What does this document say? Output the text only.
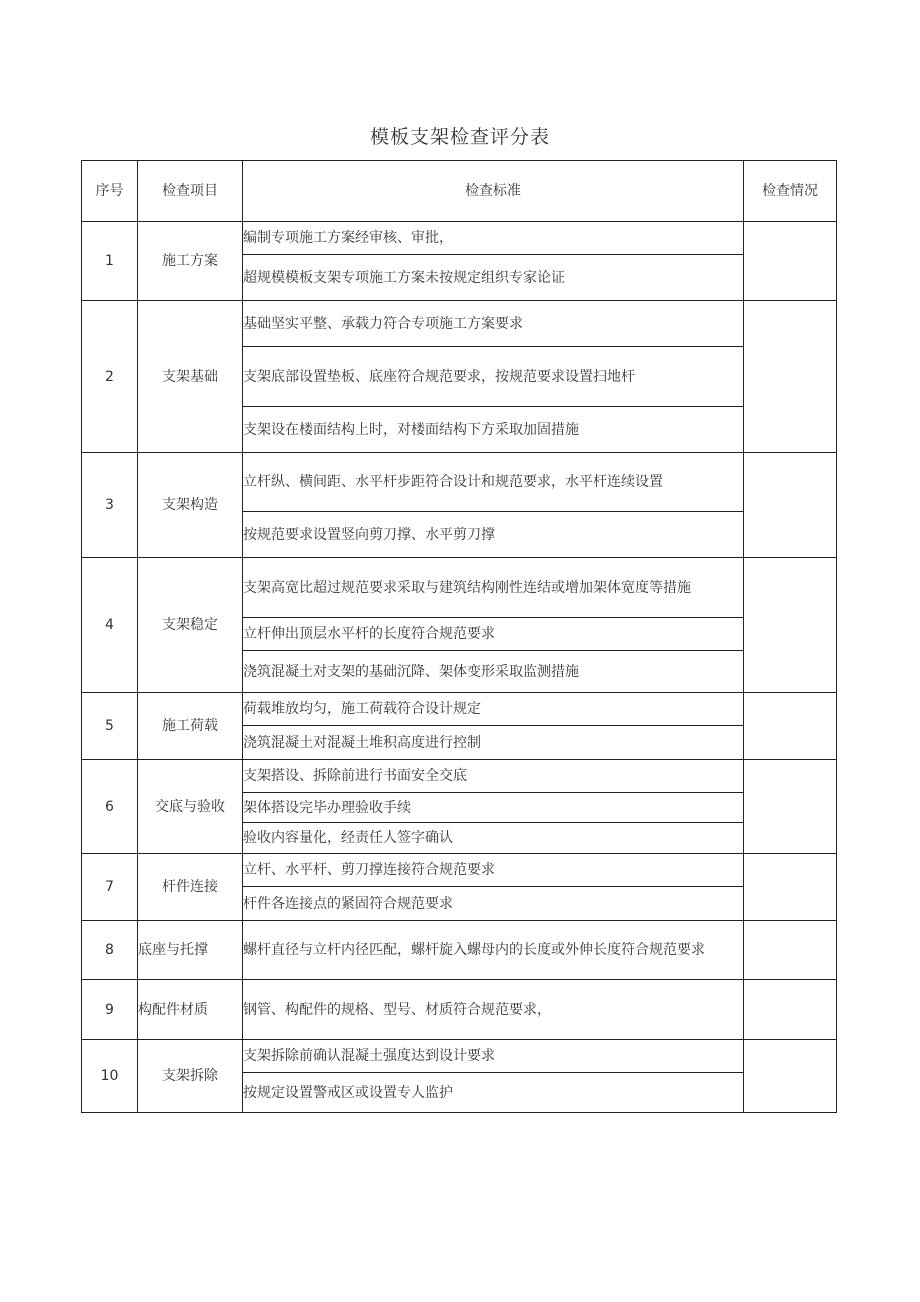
模板支架检查评分表
序号	检查项目	检查标准	检查情况
1	施工方案	编制专项施工方案经审核、审批，	
		超规模模板支架专项施工方案未按规定组织专家论证	
2	支架基础	基础坚实平整、承载力符合专项施工方案要求	
		支架底部设置垫板、底座符合规范要求，按规范要求设置扫地杆	
		支架设在楼面结构上时，对楼面结构下方采取加固措施	
3	支架构造	立杆纵、横间距、水平杆步距符合设计和规范要求，水平杆连续设置	
		按规范要求设置竖向剪刀撑、水平剪刀撑	
4	支架稳定	支架高宽比超过规范要求采取与建筑结构刚性连结或增加架体宽度等措施	
		立杆伸出顶层水平杆的长度符合规范要求	
		浇筑混凝土对支架的基础沉降、架体变形采取监测措施	
5	施工荷载	荷载堆放均匀，施工荷载符合设计规定	
		浇筑混凝土对混凝土堆积高度进行控制	
6	交底与验收	支架搭设、拆除前进行书面安全交底	
		架体搭设完毕办理验收手续	
		验收内容量化，经责任人签字确认	
7	杆件连接	立杆、水平杆、剪刀撑连接符合规范要求	
		杆件各连接点的紧固符合规范要求	
8	底座与托撑	螺杆直径与立杆内径匹配，螺杆旋入螺母内的长度或外伸长度符合规范要求	
9	构配件材质	钢管、构配件的规格、型号、材质符合规范要求，	
10	支架拆除	支架拆除前确认混凝土强度达到设计要求	
		按规定设置警戒区或设置专人监护	
